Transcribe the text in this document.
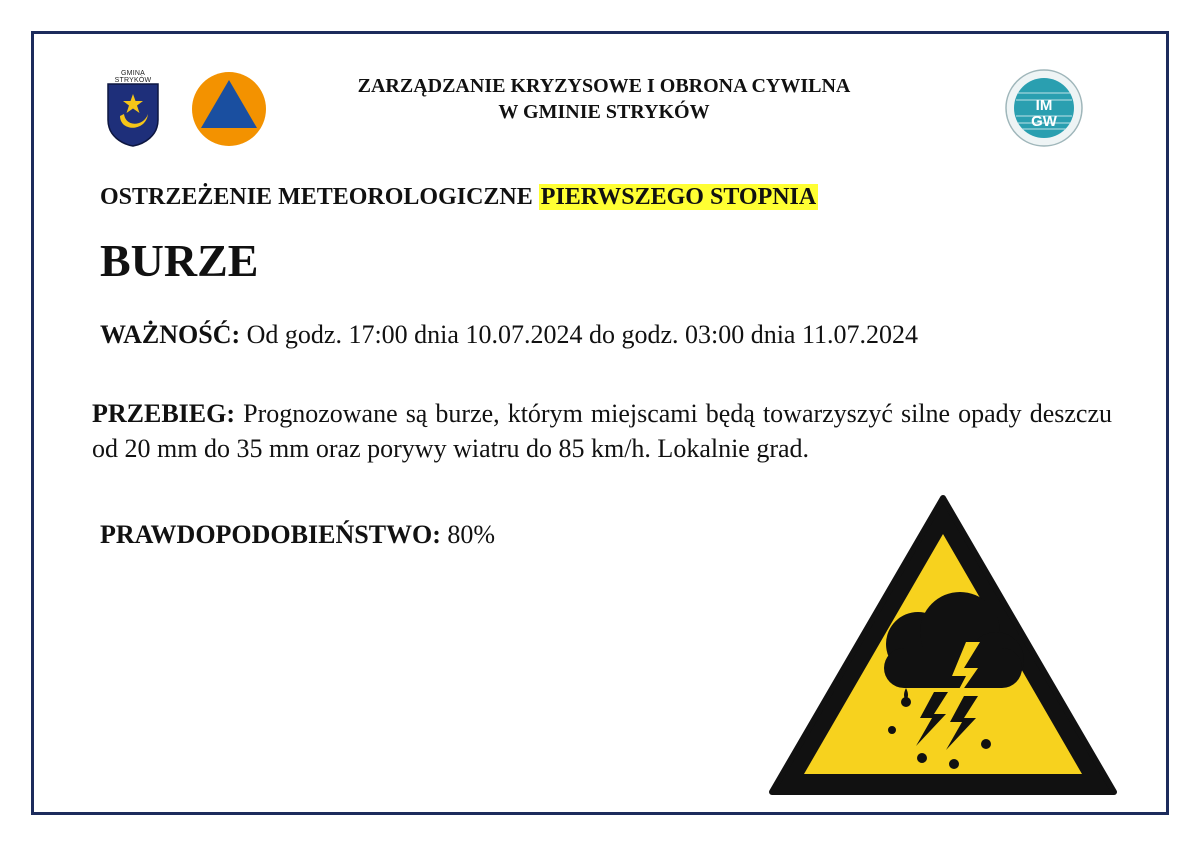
GMINA STRYKÓW	ZARZĄDZANIE KRYZYSOWE I OBRONA CYWILNA
W GMINIE STRYKÓW	IM
GW
OSTRZEŻENIE METEOROLOGICZNE PIERWSZEGO STOPNIA
BURZE
WAŻNOŚĆ: Od godz. 17:00 dnia 10.07.2024 do godz. 03:00 dnia 11.07.2024
PRZEBIEG: Prognozowane są burze, którym miejscami będą towarzyszyć silne opady deszczu od 20 mm do 35 mm oraz porywy wiatru do 85 km/h. Lokalnie grad.
PRAWDOPODOBIEŃSTWO: 80%
